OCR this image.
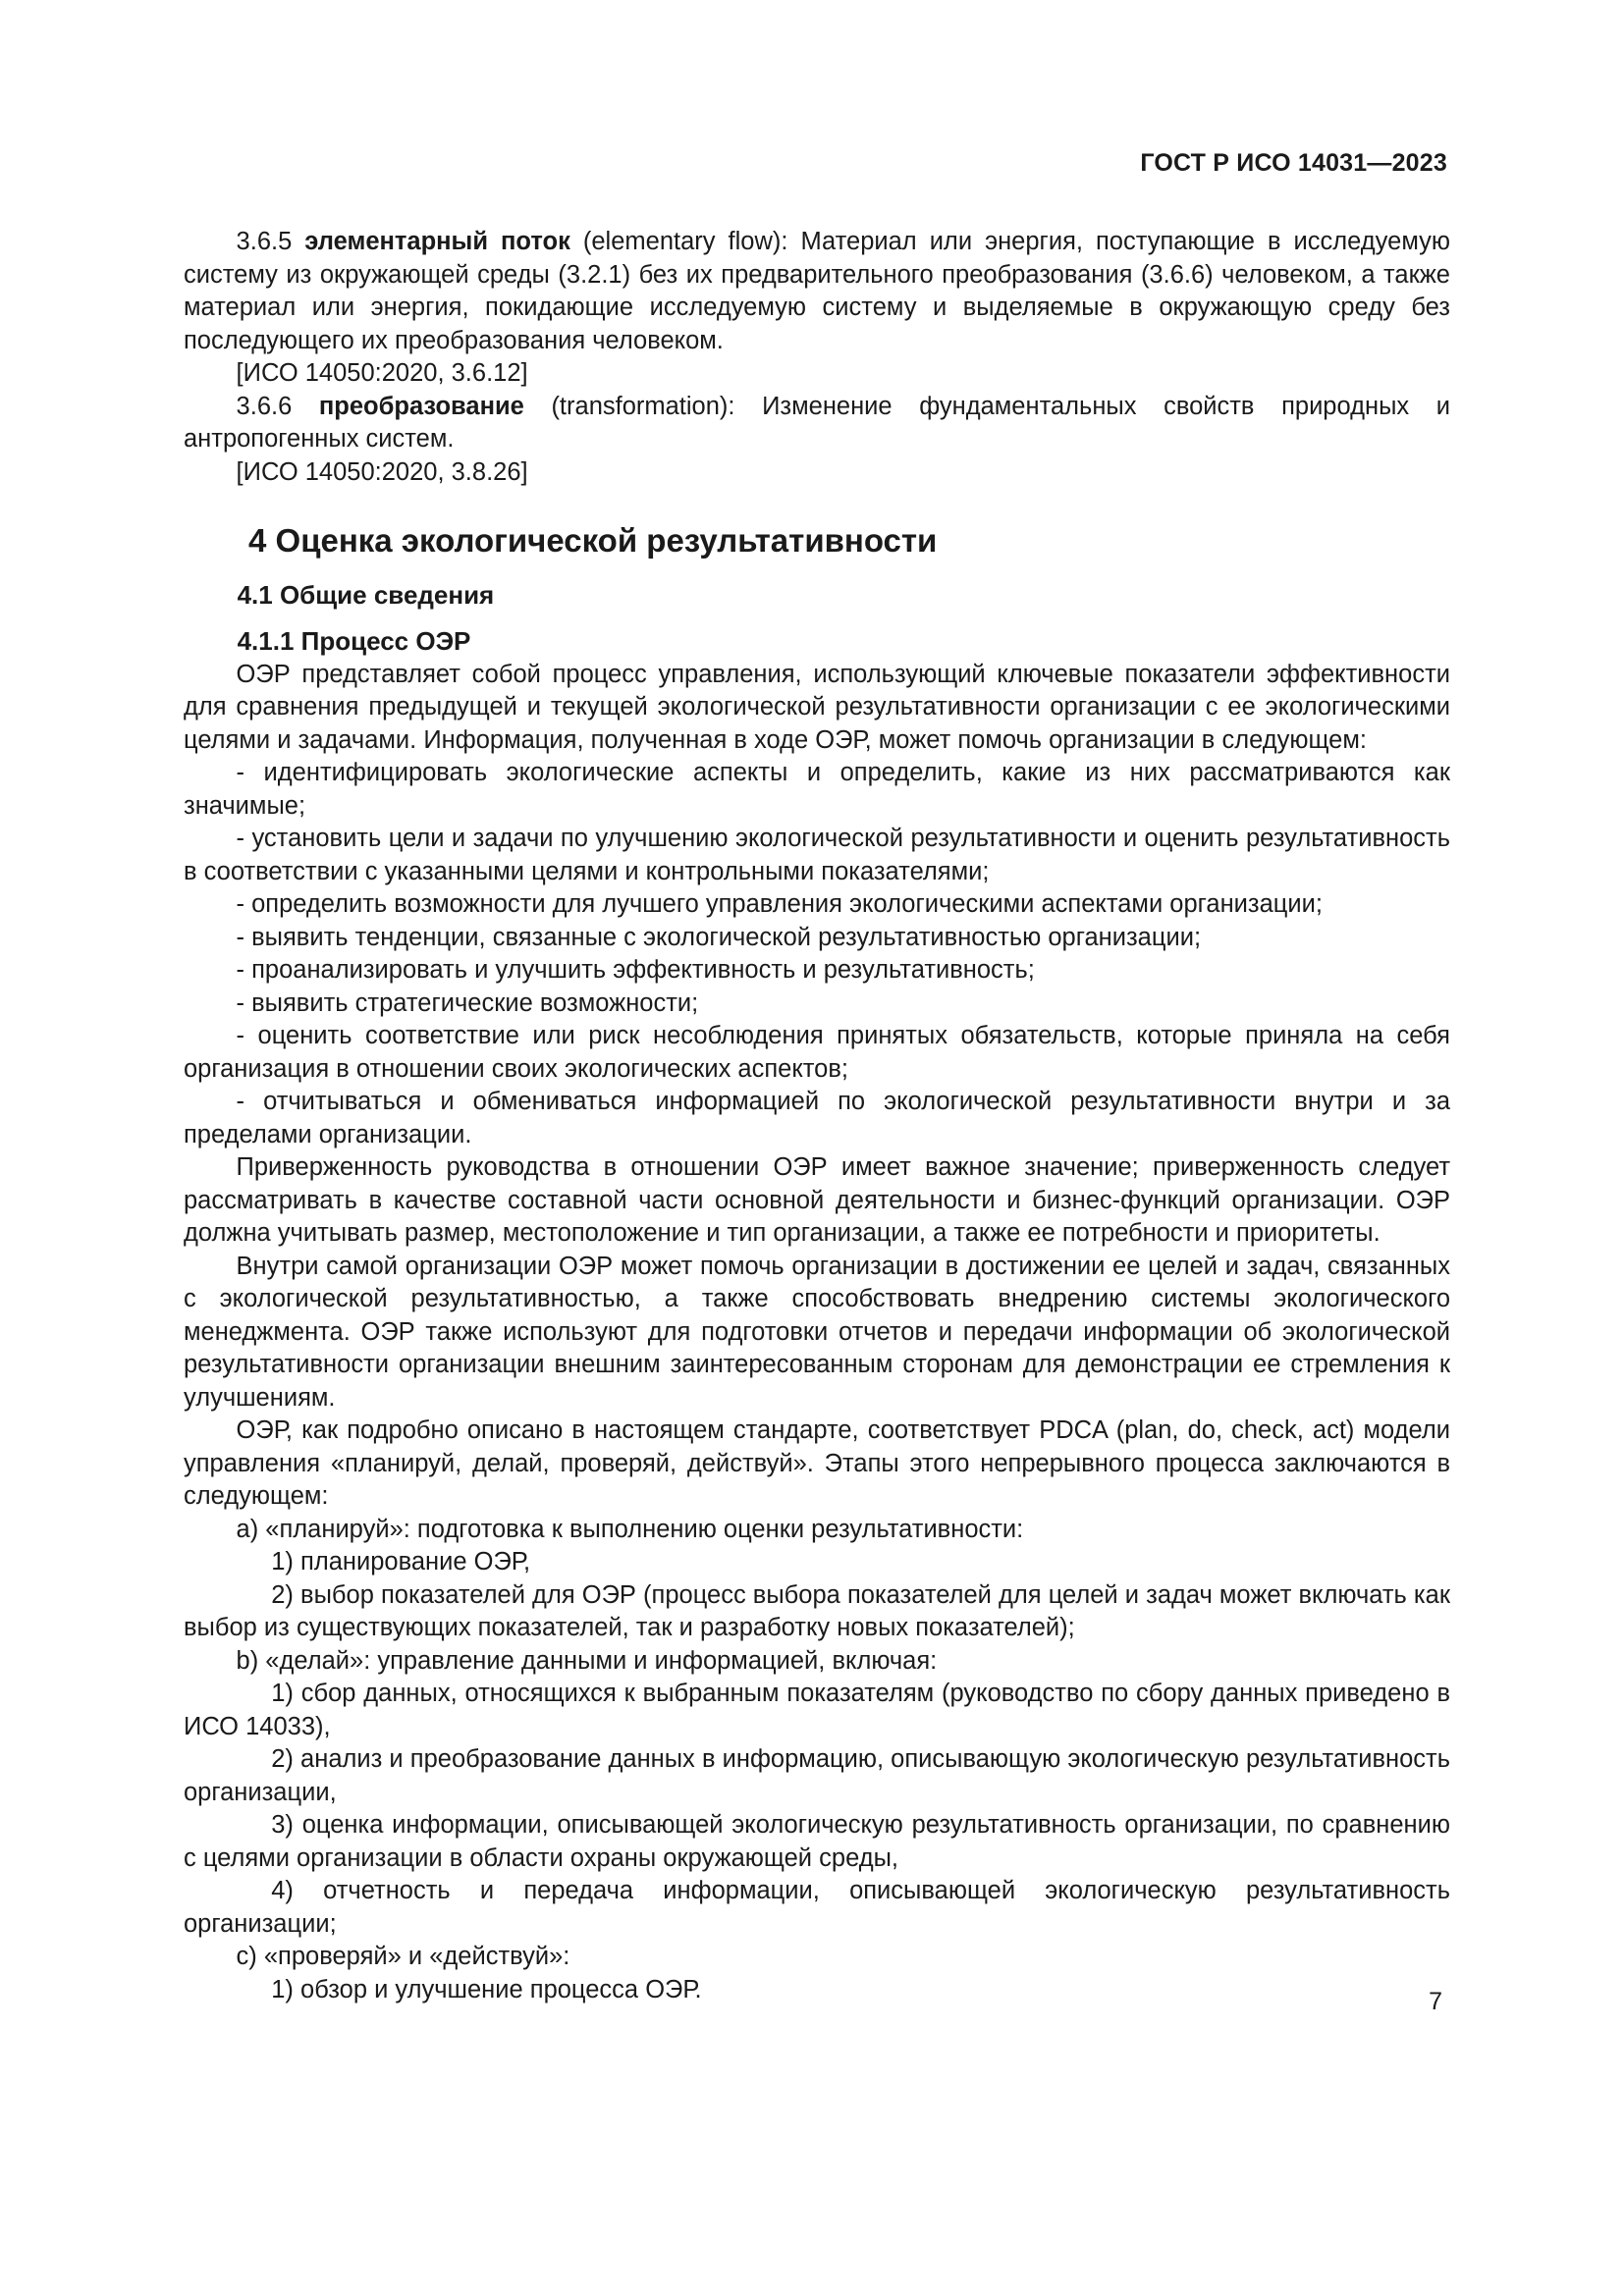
ГОСТ Р ИСО 14031—2023

3.6.5 элементарный поток (elementary flow): Материал или энергия, поступающие в исследуемую систему из окружающей среды (3.2.1) без их предварительного преобразования (3.6.6) человеком, а также материал или энергия, покидающие исследуемую систему и выделяемые в окружающую среду без последующего их преобразования человеком.

[ИСО 14050:2020, 3.6.12]

3.6.6 преобразование (transformation): Изменение фундаментальных свойств природных и антропогенных систем.

[ИСО 14050:2020, 3.8.26]

4 Оценка экологической результативности

4.1 Общие сведения

4.1.1 Процесс ОЭР

ОЭР представляет собой процесс управления, использующий ключевые показатели эффективности для сравнения предыдущей и текущей экологической результативности организации с ее экологическими целями и задачами. Информация, полученная в ходе ОЭР, может помочь организации в следующем:

- идентифицировать экологические аспекты и определить, какие из них рассматриваются как значимые;

- установить цели и задачи по улучшению экологической результативности и оценить результативность в соответствии с указанными целями и контрольными показателями;

- определить возможности для лучшего управления экологическими аспектами организации;

- выявить тенденции, связанные с экологической результативностью организации;

- проанализировать и улучшить эффективность и результативность;

- выявить стратегические возможности;

- оценить соответствие или риск несоблюдения принятых обязательств, которые приняла на себя организация в отношении своих экологических аспектов;

- отчитываться и обмениваться информацией по экологической результативности внутри и за пределами организации.

Приверженность руководства в отношении ОЭР имеет важное значение; приверженность следует рассматривать в качестве составной части основной деятельности и бизнес-функций организации. ОЭР должна учитывать размер, местоположение и тип организации, а также ее потребности и приоритеты.

Внутри самой организации ОЭР может помочь организации в достижении ее целей и задач, связанных с экологической результативностью, а также способствовать внедрению системы экологического менеджмента. ОЭР также используют для подготовки отчетов и передачи информации об экологической результативности организации внешним заинтересованным сторонам для демонстрации ее стремления к улучшениям.

ОЭР, как подробно описано в настоящем стандарте, соответствует PDCA (plan, do, check, act) модели управления «планируй, делай, проверяй, действуй». Этапы этого непрерывного процесса заключаются в следующем:

a) «планируй»: подготовка к выполнению оценки результативности:

1) планирование ОЭР,

2) выбор показателей для ОЭР (процесс выбора показателей для целей и задач может включать как выбор из существующих показателей, так и разработку новых показателей);

b) «делай»: управление данными и информацией, включая:

1) сбор данных, относящихся к выбранным показателям (руководство по сбору данных приведено в ИСО 14033),

2) анализ и преобразование данных в информацию, описывающую экологическую результативность организации,

3) оценка информации, описывающей экологическую результативность организации, по сравнению с целями организации в области охраны окружающей среды,

4) отчетность и передача информации, описывающей экологическую результативность организации;

c) «проверяй» и «действуй»:

1) обзор и улучшение процесса ОЭР.	7
